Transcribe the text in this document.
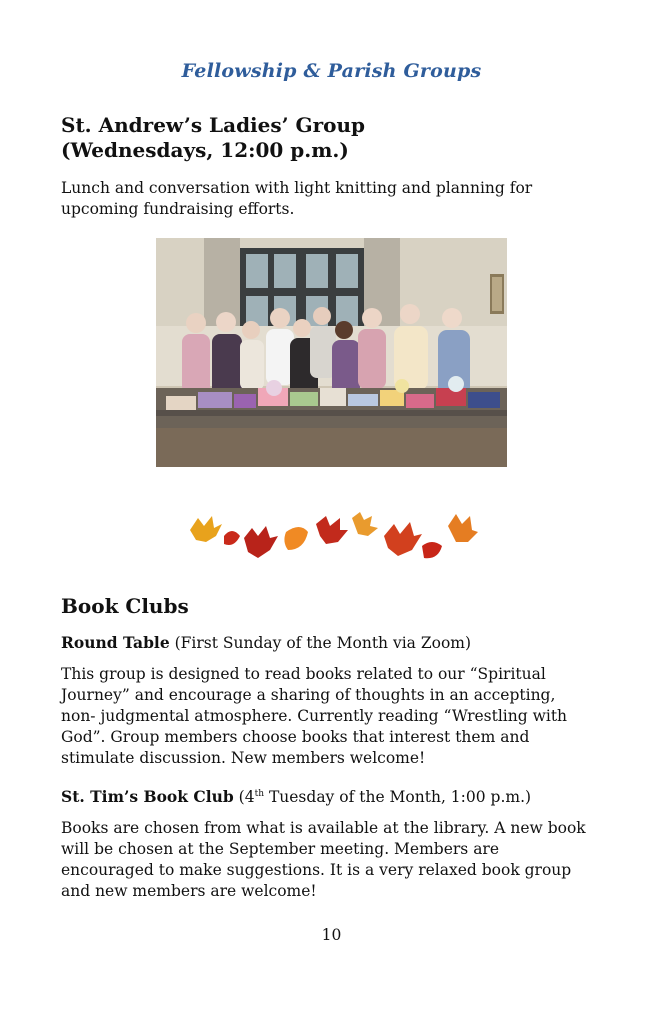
Fellowship & Parish Groups
St. Andrew’s Ladies’ Group
(Wednesdays, 12:00 p.m.)
Lunch and conversation with light knitting and planning for
upcoming fundraising efforts.
Book Clubs
Round Table (First Sunday of the Month via Zoom)
This group is designed to read books related to our “Spiritual
Journey” and encourage a sharing of thoughts in an accepting,
non- judgmental atmosphere. Currently reading “Wrestling with
God”. Group members choose books that interest them and
stimulate discussion. New members welcome!
St. Tim’s Book Club (4th Tuesday of the Month, 1:00 p.m.)
Books are chosen from what is available at the library. A new book
will be chosen at the September meeting. Members are
encouraged to make suggestions. It is a very relaxed book group
and new members are welcome!
10
